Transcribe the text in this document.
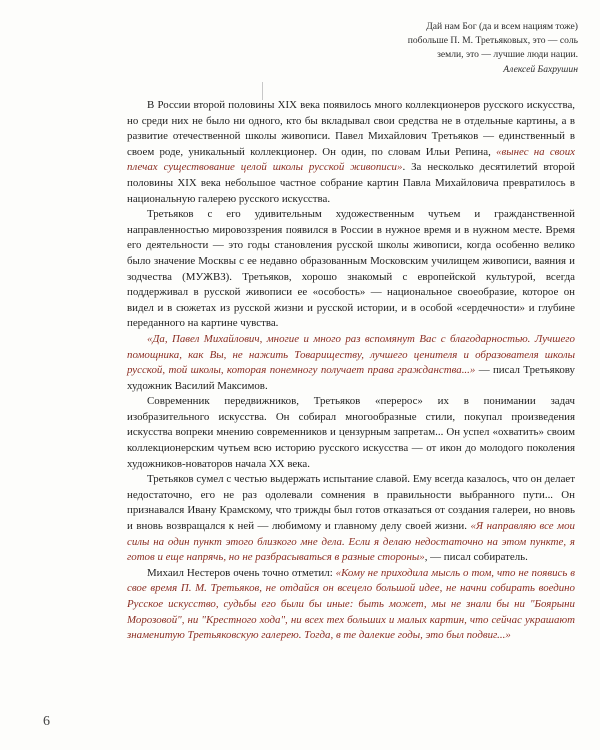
Дай нам Бог (да и всем нациям тоже)
побольше П. М. Третьяковых, это — соль
земли, это — лучшие люди нации.
Алексей Бахрушин

В России второй половины XIX века появилось много коллекционеров русского искусства, но среди них не было ни одного, кто бы вкладывал свои средства не в отдельные картины, а в развитие отечественной школы живописи. Павел Михайлович Третьяков — единственный в своем роде, уникальный коллекционер. Он один, по словам Ильи Репина, «вынес на своих плечах существование целой школы русской живописи». За несколько десятилетий второй половины XIX века небольшое частное собрание картин Павла Михайловича превратилось в национальную галерею русского искусства.

Третьяков с его удивительным художественным чутьем и гражданственной направленностью мировоззрения появился в России в нужное время и в нужном месте. Время его деятельности — это годы становления русской школы живописи, когда особенно велико было значение Москвы с ее недавно образованным Московским училищем живописи, ваяния и зодчества (МУЖВЗ). Третьяков, хорошо знакомый с европейской культурой, всегда поддерживал в русской живописи ее «особость» — национальное своеобразие, которое он видел и в сюжетах из русской жизни и русской истории, и в особой «сердечности» и глубине переданного на картине чувства.

«Да, Павел Михайлович, многие и много раз вспомянут Вас с благодарностью. Лучшего помощника, как Вы, не нажить Товариществу, лучшего ценителя и образователя школы русской, той школы, которая понемногу получает права гражданства...» — писал Третьякову художник Василий Максимов.

Современник передвижников, Третьяков «перерос» их в понимании задач изобразительного искусства. Он собирал многообразные стили, покупал произведения искусства вопреки мнению современников и цензурным запретам... Он успел «охватить» своим коллекционерским чутьем всю историю русского искусства — от икон до молодого поколения художников-новаторов начала XX века.

Третьяков сумел с честью выдержать испытание славой. Ему всегда казалось, что он делает недостаточно, его не раз одолевали сомнения в правильности выбранного пути... Он признавался Ивану Крамскому, что трижды был готов отказаться от создания галереи, но вновь и вновь возвращался к ней — любимому и главному делу своей жизни. «Я направляю все мои силы на один пункт этого близкого мне дела. Если я делаю недостаточно на этом пункте, я готов и еще напрячь, но не разбрасываться в разные стороны», — писал собиратель.

Михаил Нестеров очень точно отметил: «Кому не приходила мысль о том, что не появись в свое время П. М. Третьяков, не отдайся он всецело большой идее, не начни собирать воедино Русское искусство, судьбы его были бы иные: быть может, мы не знали бы ни "Боярыни Морозовой", ни "Крестного хода", ни всех тех больших и малых картин, что сейчас украшают знаменитую Третьяковскую галерею. Тогда, в те далекие годы, это был подвиг...»

6
